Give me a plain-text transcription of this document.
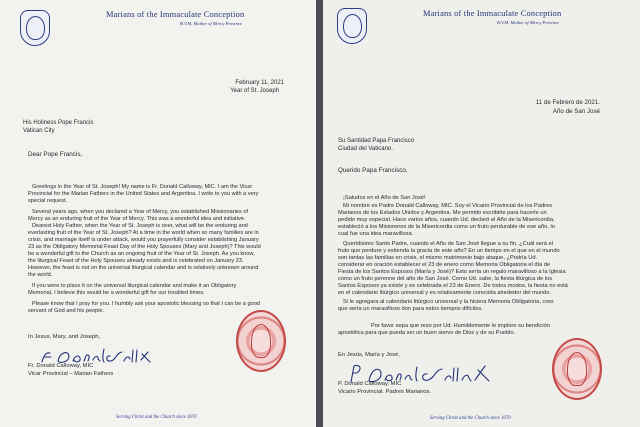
Marians of the Immaculate Conception
B.V.M. Mother of Mercy Province
February 11, 2021
Year of St. Joseph
His Holiness Pope Francis
Vatican City
Dear Pope Francis,
Greetings in the Year of St. Joseph! My name is Fr. Donald Calloway, MIC. I am the Vicar
Provincial for the Marian Fathers in the United States and Argentina. I write to you with a very
special request.
Several years ago, when you declared a Year of Mercy, you established Missionaries of
Mercy as an enduring fruit of the Year of Mercy. This was a wonderful idea and initiative.
Dearest Holy Father, when the Year of St. Joseph is over, what will be the enduring and
everlasting fruit of the Year of St. Joseph? At a time in the world when so many families are in
crisis, and marriage itself is under attack, would you prayerfully consider establishing January
23 as the Obligatory Memorial Feast Day of the Holy Spouses (Mary and Joseph)? This would
be a wonderful gift to the Church as an ongoing fruit of the Year of St. Joseph. As you know,
the liturgical Feast of the Holy Spouses already exists and is celebrated on January 23.
However, the feast is not on the universal liturgical calendar and is relatively unknown around
the world.
If you were to place it on the universal liturgical calendar and make it an Obligatory
Memorial, I believe this would be a wonderful gift for our troubled times.
Please know that I pray for you. I humbly ask your apostolic blessing so that I can be a good
servant of God and his people.
In Jesus, Mary, and Joseph,
Fr. Donald Calloway, MIC
Vicar Provincial – Marian Fathers
Serving Christ and the Church since 1670
Marians of the Immaculate Conception
B.V.M. Mother of Mercy Province
11 de Febrero de 2021.
Año de San José
Su Santidad Papa Francisco
Ciudad del Vaticano.
Querido Papa Francisco,
¡Saludos en el Año de San José!
Mi nombre es Padre Donald Calloway, MIC. Soy el Vicario Provincial de los Padres
Marianos de los Estados Unidos y Argentina. Me permito escribirle para hacerle un
pedido muy especial. Hace varios años, cuando Ud. declaró el Año de la Misericordia,
estableció a los Misioneros de la Misericordia como un fruto perdurable de ese año, lo
cual fue una idea maravillosa.
Querídisimo Santo Padre, cuando el Año de San José llegue a su fin, ¿Cuál será el
fruto que perdure y extienda la gracia de este año? En un tiempo en el que en el mundo
son tantas las familias en crisis, el mismo matrimonio bajo ataque, ¿Podría Ud.
considerar en oración establecer el 23 de enero como Memoria Obligatoria el día de
Fiesta de los Santos Esposos (María y José)? Esto sería un regalo maravilloso a la Iglesia
como un fruto perenne del año de San José. Como Ud. sabe, la fiesta litúrgica de los
Santos Esposos ya existe y es celebrada el 23 de Enero. De todos modos, la fiesta no está
en el calendario litúrgico universal y es relativamente conocida alrededor del mundo.
Si le agregara al calendario litúrgico universal y la hiciera Memoria Obligatoria, creo
que sería un maravilloso don para estos tiempos difíciles.
Por favor sepa que rezo por Ud. Humildemente le imploro su bendición
apostólica para que pueda ser un buen siervo de Dios y de su Pueblo.
En Jesús, María y José,
P. Donald Calloway, MIC
Vicario Provincial. Padres Marianos.
Serving Christ and the Church since 1670
